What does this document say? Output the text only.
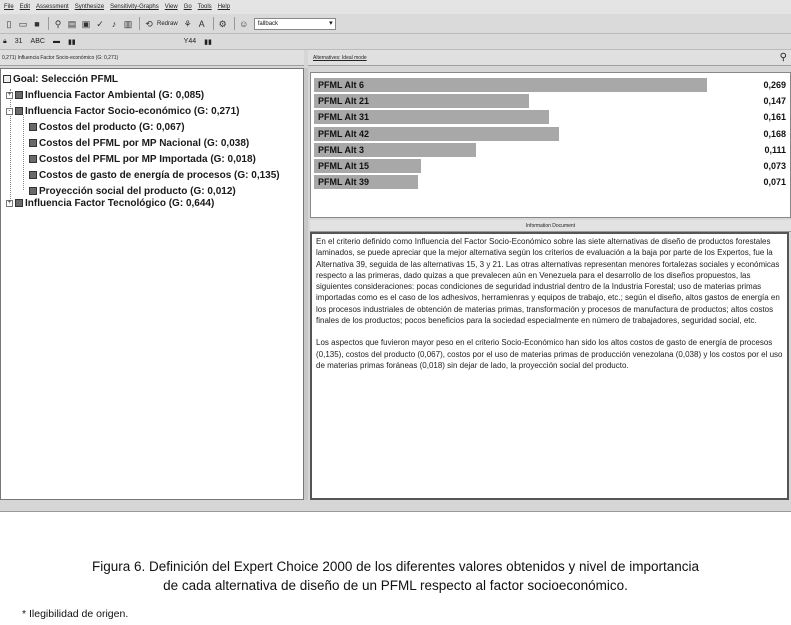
File Edit Assessment Synthesize Sensitivity-Graphs View Go Tools Help
▯ ▭ ■	⚲ ▤ ▣ ✓ ♪ ▥ ⟲ Redraw ⚘ A	⚙ ☺	fallback	▾
🔒︎ 31 ABC ▬ ▮▮	Y44 ▮▮
0,271) Influencia Factor Socio-económico (G: 0,271)	Alternatives: Ideal mode	⚲
Goal: Selección PFML
+ Influencia Factor Ambiental (G: 0,085)
- Influencia Factor Socio-económico (G: 0,271)
Costos del producto (G: 0,067)
Costos del PFML por MP Nacional (G: 0,038)
Costos del PFML por MP Importada (G: 0,018)
Costos de gasto de energía de procesos (G: 0,135)
Proyección social del producto (G: 0,012)
+ Influencia Factor Tecnológico (G: 0,644)
PFML Alt 6	0,269
PFML Alt 21	0,147
PFML Alt 31	0,161
PFML Alt 42	0,168
PFML Alt 3	0,111
PFML Alt 15	0,073
PFML Alt 39	0,071
Information Document

En el criterio definido como Influencia del Factor Socio-Económico sobre las siete alternativas de diseño de productos forestales laminados, se puede apreciar que la mejor alternativa según los criterios de evaluación a la baja por parte de los Expertos, fue la Alternativa 39, seguida de las alternativas 15, 3 y 21. Las otras alternativas representan menores fortalezas sociales y económicas respecto a las primeras, dado quizas a que prevalecen aún en Venezuela para el desarrollo de los diseños propuestos, las siguientes consideraciones: pocas condiciones de seguridad industrial dentro de la Industria Forestal; uso de materias primas importadas como es el caso de los adhesivos, herramienras y equipos de trabajo, etc.; según el diseño, altos gastos de energía en los procesos industriales de obtención de materias primas, transformación y procesos de manufactura de productos; altos costos finales de los productos; pocos beneficios para la sociedad especialmente en número de trabajadores, seguridad social, etc.

Los aspectos que fuvieron mayor peso en el criterio Socio-Económico han sido los altos costos de gasto de energía de procesos (0,135), costos del producto (0,067), costos por el uso de materias primas de producción venezolana (0,038) y los costos por el uso de materias primas foráneas (0,018) sin dejar de lado, la proyección social del producto.

Figura 6. Definición del Expert Choice 2000 de los diferentes valores obtenidos y nivel de importancia
de cada alternativa de diseño de un PFML respecto al factor socioeconómico.
* Ilegibilidad de origen.
